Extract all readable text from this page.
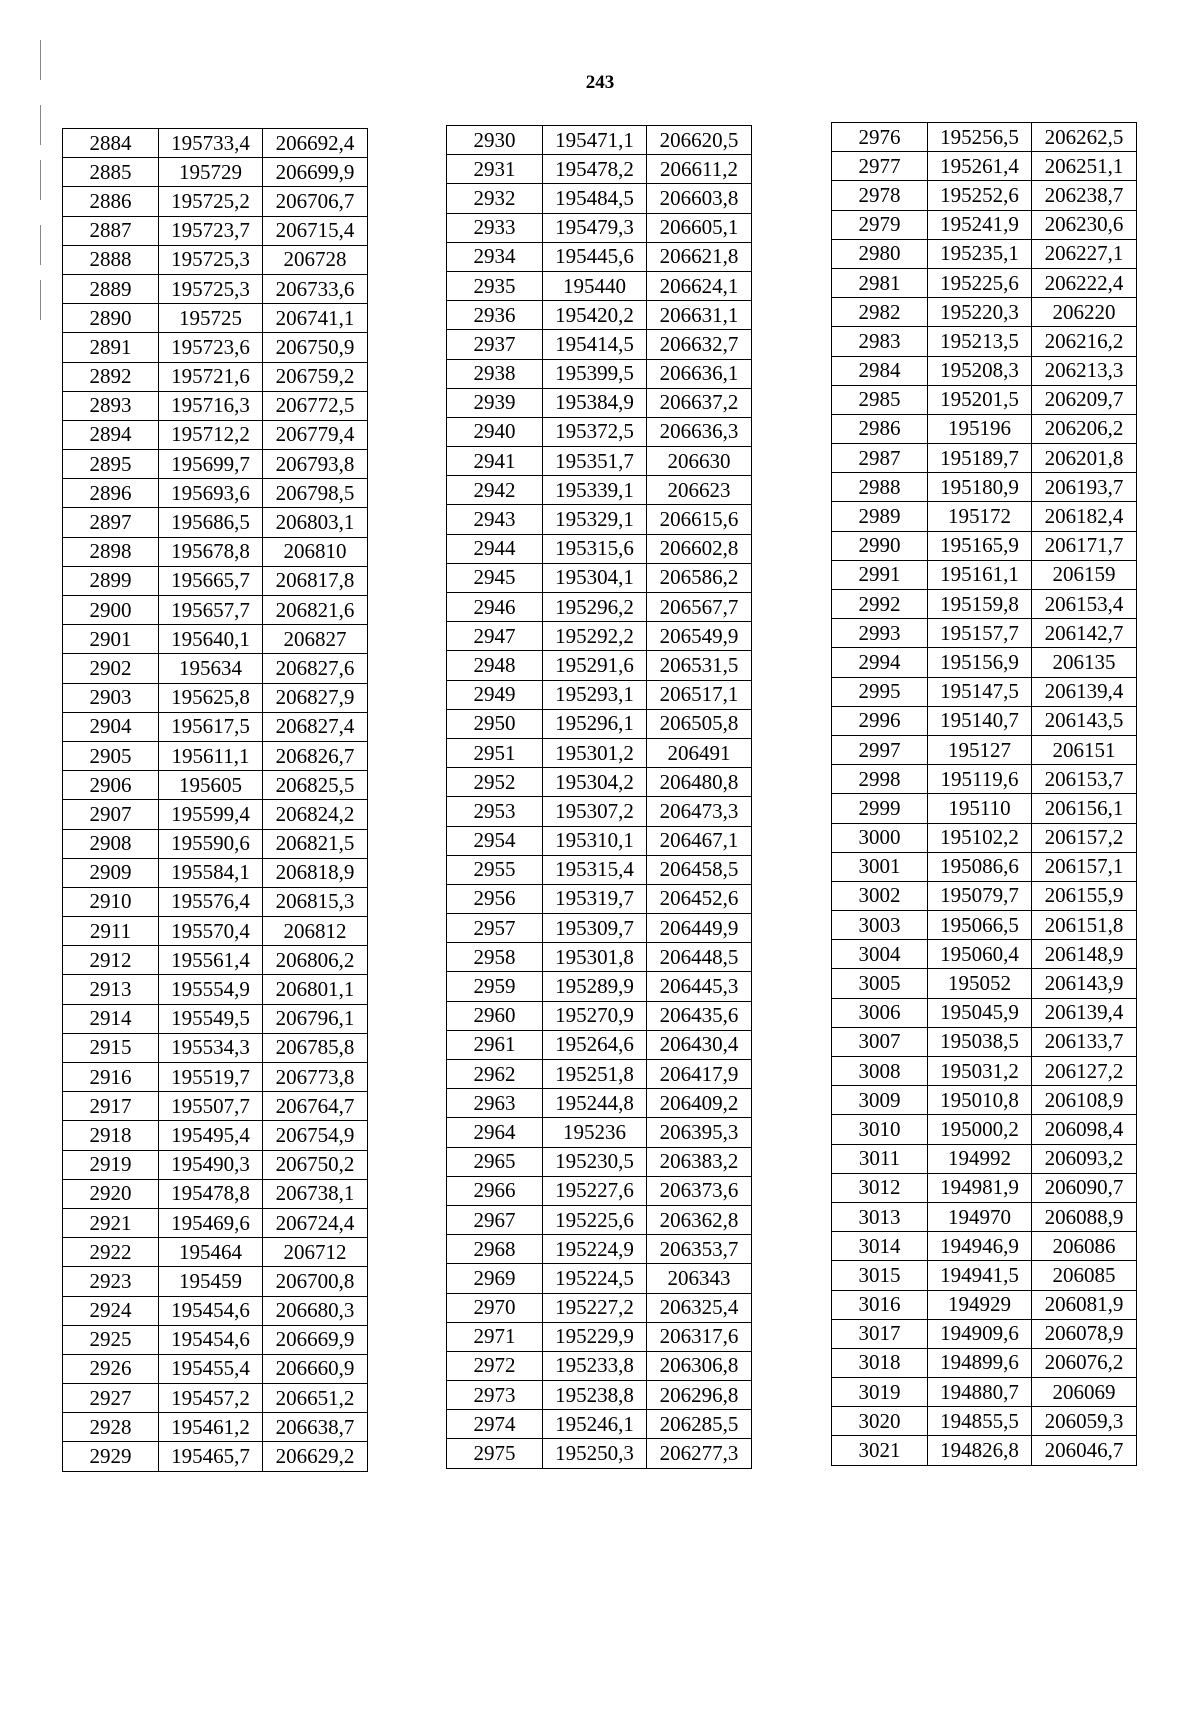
243
2884	195733,4	206692,4
2885	195729	206699,9
2886	195725,2	206706,7
2887	195723,7	206715,4
2888	195725,3	206728
2889	195725,3	206733,6
2890	195725	206741,1
2891	195723,6	206750,9
2892	195721,6	206759,2
2893	195716,3	206772,5
2894	195712,2	206779,4
2895	195699,7	206793,8
2896	195693,6	206798,5
2897	195686,5	206803,1
2898	195678,8	206810
2899	195665,7	206817,8
2900	195657,7	206821,6
2901	195640,1	206827
2902	195634	206827,6
2903	195625,8	206827,9
2904	195617,5	206827,4
2905	195611,1	206826,7
2906	195605	206825,5
2907	195599,4	206824,2
2908	195590,6	206821,5
2909	195584,1	206818,9
2910	195576,4	206815,3
2911	195570,4	206812
2912	195561,4	206806,2
2913	195554,9	206801,1
2914	195549,5	206796,1
2915	195534,3	206785,8
2916	195519,7	206773,8
2917	195507,7	206764,7
2918	195495,4	206754,9
2919	195490,3	206750,2
2920	195478,8	206738,1
2921	195469,6	206724,4
2922	195464	206712
2923	195459	206700,8
2924	195454,6	206680,3
2925	195454,6	206669,9
2926	195455,4	206660,9
2927	195457,2	206651,2
2928	195461,2	206638,7
2929	195465,7	206629,2
2930	195471,1	206620,5
2931	195478,2	206611,2
2932	195484,5	206603,8
2933	195479,3	206605,1
2934	195445,6	206621,8
2935	195440	206624,1
2936	195420,2	206631,1
2937	195414,5	206632,7
2938	195399,5	206636,1
2939	195384,9	206637,2
2940	195372,5	206636,3
2941	195351,7	206630
2942	195339,1	206623
2943	195329,1	206615,6
2944	195315,6	206602,8
2945	195304,1	206586,2
2946	195296,2	206567,7
2947	195292,2	206549,9
2948	195291,6	206531,5
2949	195293,1	206517,1
2950	195296,1	206505,8
2951	195301,2	206491
2952	195304,2	206480,8
2953	195307,2	206473,3
2954	195310,1	206467,1
2955	195315,4	206458,5
2956	195319,7	206452,6
2957	195309,7	206449,9
2958	195301,8	206448,5
2959	195289,9	206445,3
2960	195270,9	206435,6
2961	195264,6	206430,4
2962	195251,8	206417,9
2963	195244,8	206409,2
2964	195236	206395,3
2965	195230,5	206383,2
2966	195227,6	206373,6
2967	195225,6	206362,8
2968	195224,9	206353,7
2969	195224,5	206343
2970	195227,2	206325,4
2971	195229,9	206317,6
2972	195233,8	206306,8
2973	195238,8	206296,8
2974	195246,1	206285,5
2975	195250,3	206277,3
2976	195256,5	206262,5
2977	195261,4	206251,1
2978	195252,6	206238,7
2979	195241,9	206230,6
2980	195235,1	206227,1
2981	195225,6	206222,4
2982	195220,3	206220
2983	195213,5	206216,2
2984	195208,3	206213,3
2985	195201,5	206209,7
2986	195196	206206,2
2987	195189,7	206201,8
2988	195180,9	206193,7
2989	195172	206182,4
2990	195165,9	206171,7
2991	195161,1	206159
2992	195159,8	206153,4
2993	195157,7	206142,7
2994	195156,9	206135
2995	195147,5	206139,4
2996	195140,7	206143,5
2997	195127	206151
2998	195119,6	206153,7
2999	195110	206156,1
3000	195102,2	206157,2
3001	195086,6	206157,1
3002	195079,7	206155,9
3003	195066,5	206151,8
3004	195060,4	206148,9
3005	195052	206143,9
3006	195045,9	206139,4
3007	195038,5	206133,7
3008	195031,2	206127,2
3009	195010,8	206108,9
3010	195000,2	206098,4
3011	194992	206093,2
3012	194981,9	206090,7
3013	194970	206088,9
3014	194946,9	206086
3015	194941,5	206085
3016	194929	206081,9
3017	194909,6	206078,9
3018	194899,6	206076,2
3019	194880,7	206069
3020	194855,5	206059,3
3021	194826,8	206046,7
